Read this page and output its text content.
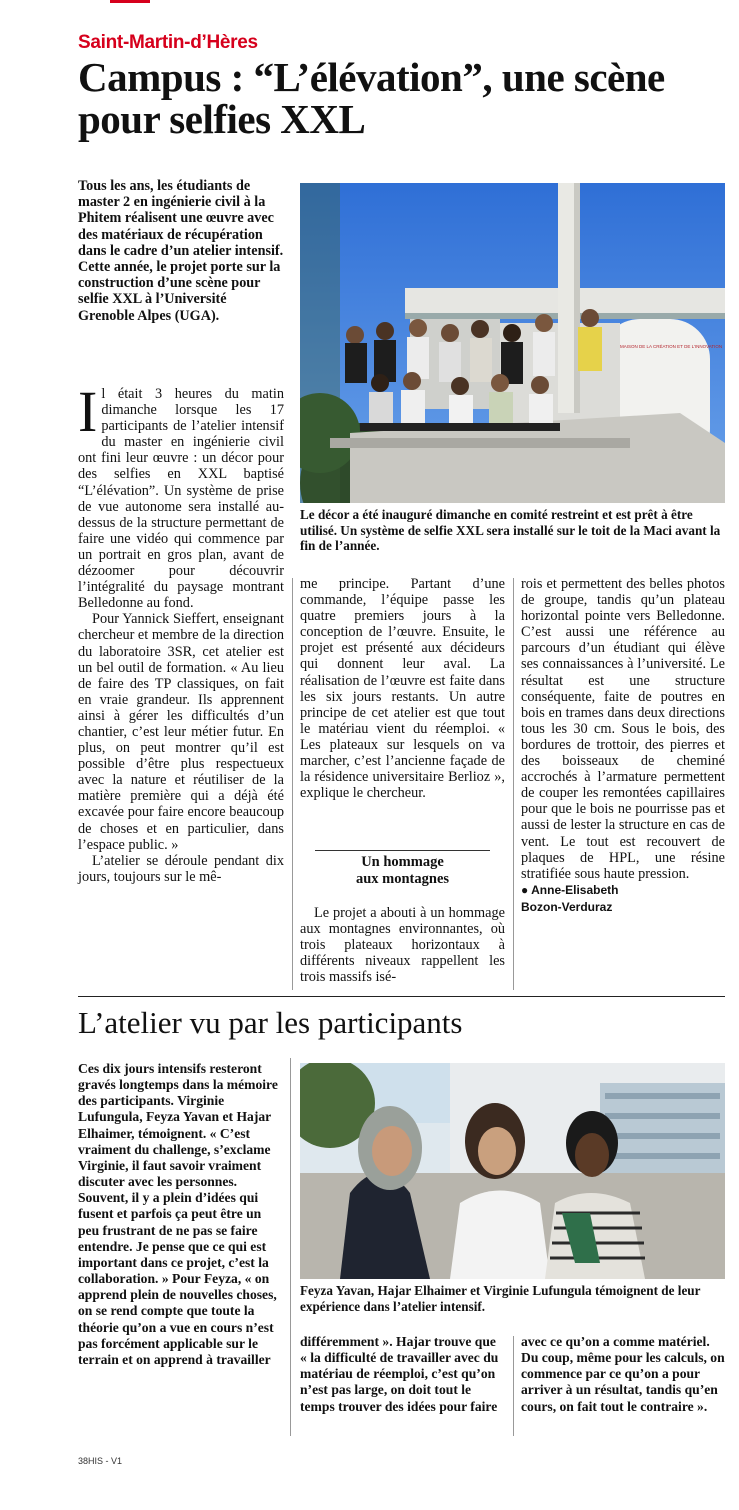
Saint-Martin-d’Hères
Campus : “L’élévation”, une scène pour selfies XXL
Tous les ans, les étudiants de master 2 en ingénierie civil à la Phitem réalisent une œuvre avec des matériaux de récupération dans le cadre d’un atelier intensif. Cette année, le projet porte sur la construction d’une scène pour selfie XXL à l’Université Grenoble Alpes (UGA).

Il était 3 heures du matin dimanche lorsque les 17 participants de l’atelier intensif du master en ingénierie civil ont fini leur œuvre : un décor pour des selfies en XXL baptisé “L’élévation”. Un système de prise de vue autonome sera installé au-dessus de la structure permettant de faire une vidéo qui commence par un portrait en gros plan, avant de dézoomer pour découvrir l’intégralité du paysage montrant Belledonne au fond.

Pour Yannick Sieffert, enseignant chercheur et membre de la direction du laboratoire 3SR, cet atelier est un bel outil de formation. « Au lieu de faire des TP classiques, on fait en vraie grandeur. Ils apprennent ainsi à gérer les difficultés d’un chantier, c’est leur métier futur. En plus, on peut montrer qu’il est possible d’être plus respectueux avec la nature et réutiliser de la matière première qui a déjà été excavée pour faire encore beaucoup de choses et en particulier, dans l’espace public. »

L’atelier se déroule pendant dix jours, toujours sur le mê-

MAISON DE LA CRÉATION ET DE L’INNOVATION
Le décor a été inauguré dimanche en comité restreint et est prêt à être utilisé. Un système de selfie XXL sera installé sur le toit de la Maci avant la fin de l’année.

me principe. Partant d’une commande, l’équipe passe les quatre premiers jours à la conception de l’œuvre. Ensuite, le projet est présenté aux décideurs qui donnent leur aval. La réalisation de l’œuvre est faite dans les six jours restants. Un autre principe de cet atelier est que tout le matériau vient du réemploi. « Les plateaux sur lesquels on va marcher, c’est l’ancienne façade de la résidence universitaire Berlioz », explique le chercheur.

Un hommage
aux montagnes

Le projet a abouti à un hommage aux montagnes environnantes, où trois plateaux horizontaux à différents niveaux rappellent les trois massifs isé-

rois et permettent des belles photos de groupe, tandis qu’un plateau horizontal pointe vers Belledonne. C’est aussi une référence au parcours d’un étudiant qui élève ses connaissances à l’université. Le résultat est une structure conséquente, faite de poutres en bois en trames dans deux directions tous les 30 cm. Sous le bois, des bordures de trottoir, des pierres et des boisseaux de cheminé accrochés à l’armature permettent de couper les remontées capillaires pour que le bois ne pourrisse pas et aussi de lester la structure en cas de vent. Le tout est recouvert de plaques de HPL, une résine stratifiée sous haute pression.

● Anne-Elisabeth
Bozon-Verduraz
L’atelier vu par les participants
Ces dix jours intensifs resteront gravés longtemps dans la mémoire des participants. Virginie Lufungula, Feyza Yavan et Hajar Elhaimer, témoignent. « C’est vraiment du challenge, s’exclame Virginie, il faut savoir vraiment discuter avec les personnes. Souvent, il y a plein d’idées qui fusent et parfois ça peut être un peu frustrant de ne pas se faire entendre. Je pense que ce qui est important dans ce projet, c’est la collaboration. » Pour Feyza, « on apprend plein de nouvelles choses, on se rend compte que toute la théorie qu’on a vue en cours n’est pas forcément applicable sur le terrain et on apprend à travailler
Feyza Yavan, Hajar Elhaimer et Virginie Lufungula témoignent de leur expérience dans l’atelier intensif.
différemment ». Hajar trouve que « la difficulté de travailler avec du matériau de réemploi, c’est qu’on n’est pas large, on doit tout le temps trouver des idées pour faire
avec ce qu’on a comme matériel. Du coup, même pour les calculs, on commence par ce qu’on a pour arriver à un résultat, tandis qu’en cours, on fait tout le contraire ».
38HIS - V1
